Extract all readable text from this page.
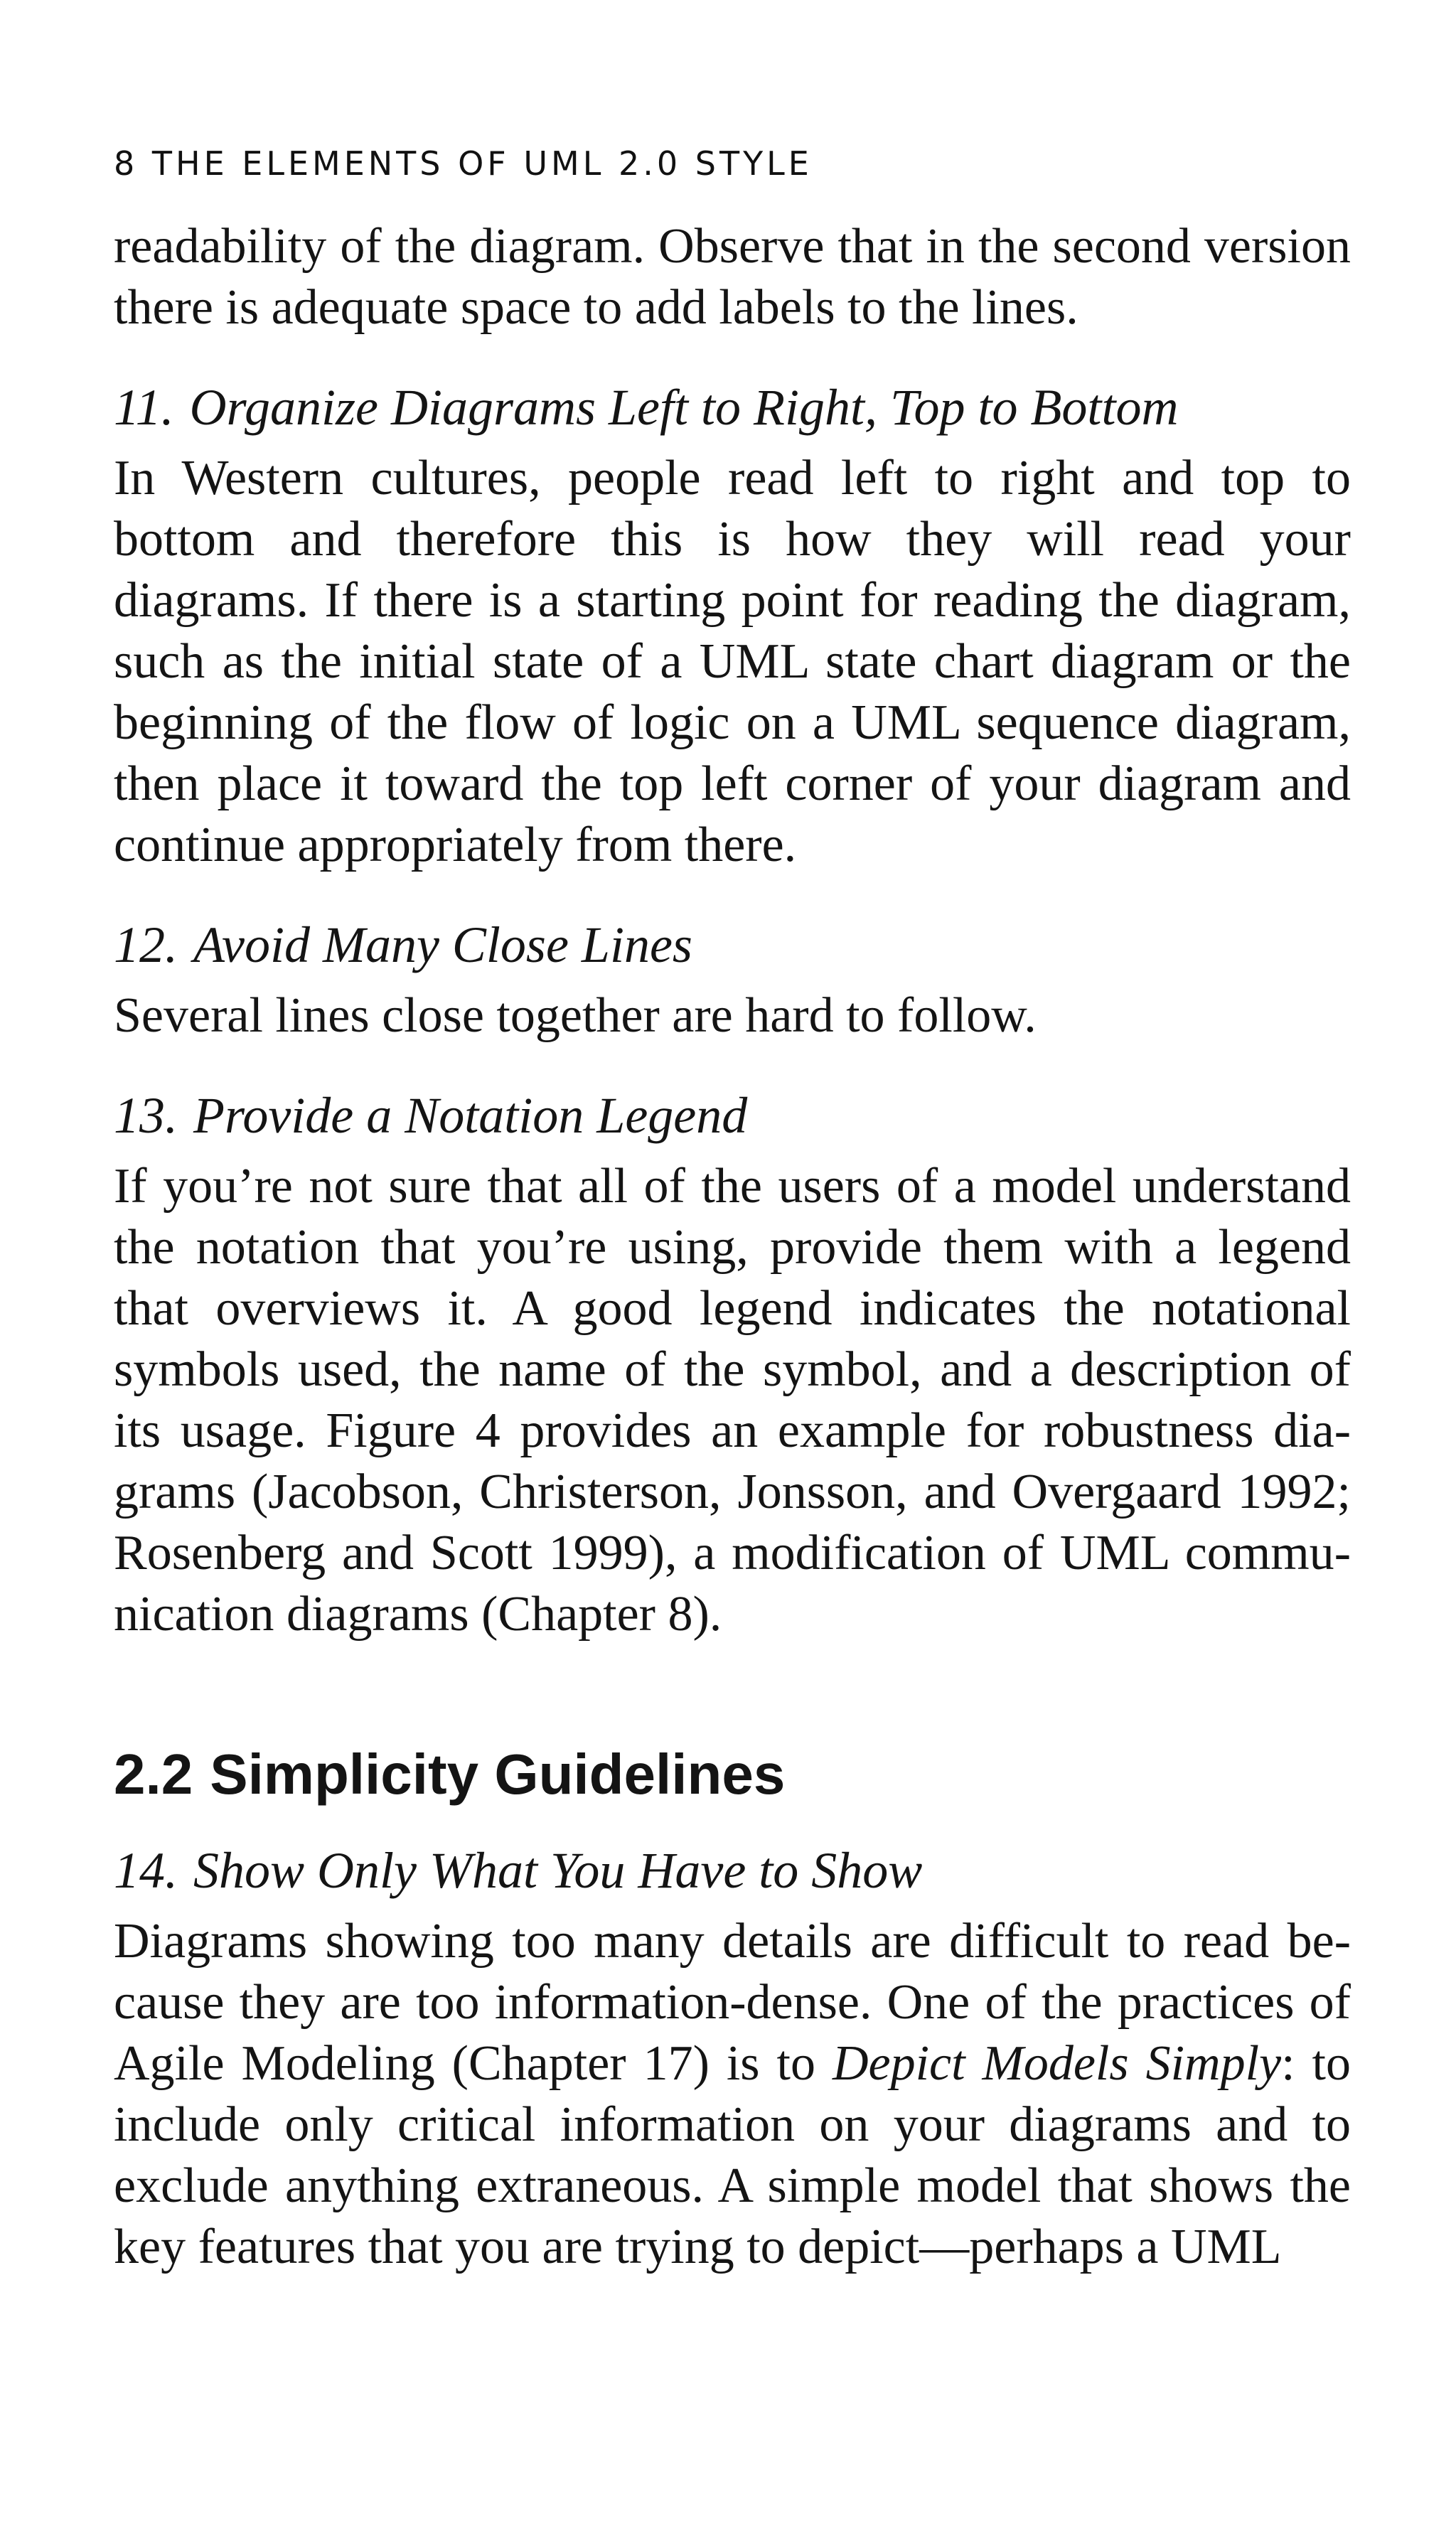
8 THE ELEMENTS OF UML 2.0 STYLE

readability of the diagram. Observe that in the second version there is adequate space to add labels to the lines.

11. Organize Diagrams Left to Right, Top to Bottom

In Western cultures, people read left to right and top to bottom and therefore this is how they will read your diagrams. If there is a starting point for reading the diagram, such as the initial state of a UML state chart diagram or the beginning of the flow of logic on a UML sequence diagram, then place it toward the top left corner of your diagram and continue appropriately from there.

12. Avoid Many Close Lines

Several lines close together are hard to follow.

13. Provide a Notation Legend

If you’re not sure that all of the users of a model understand the notation that you’re using, provide them with a legend that overviews it. A good legend indicates the notational symbols used, the name of the symbol, and a description of its usage. Figure 4 provides an example for robustness diagrams (Jacobson, Christerson, Jonsson, and Overgaard 1992; Rosenberg and Scott 1999), a modification of UML communication diagrams (Chapter 8).

2.2 Simplicity Guidelines
14. Show Only What You Have to Show

Diagrams showing too many details are difficult to read because they are too information-dense. One of the practices of Agile Modeling (Chapter 17) is to Depict Models Simply: to include only critical information on your diagrams and to exclude anything extraneous. A simple model that shows the key features that you are trying to depict—perhaps a UML
